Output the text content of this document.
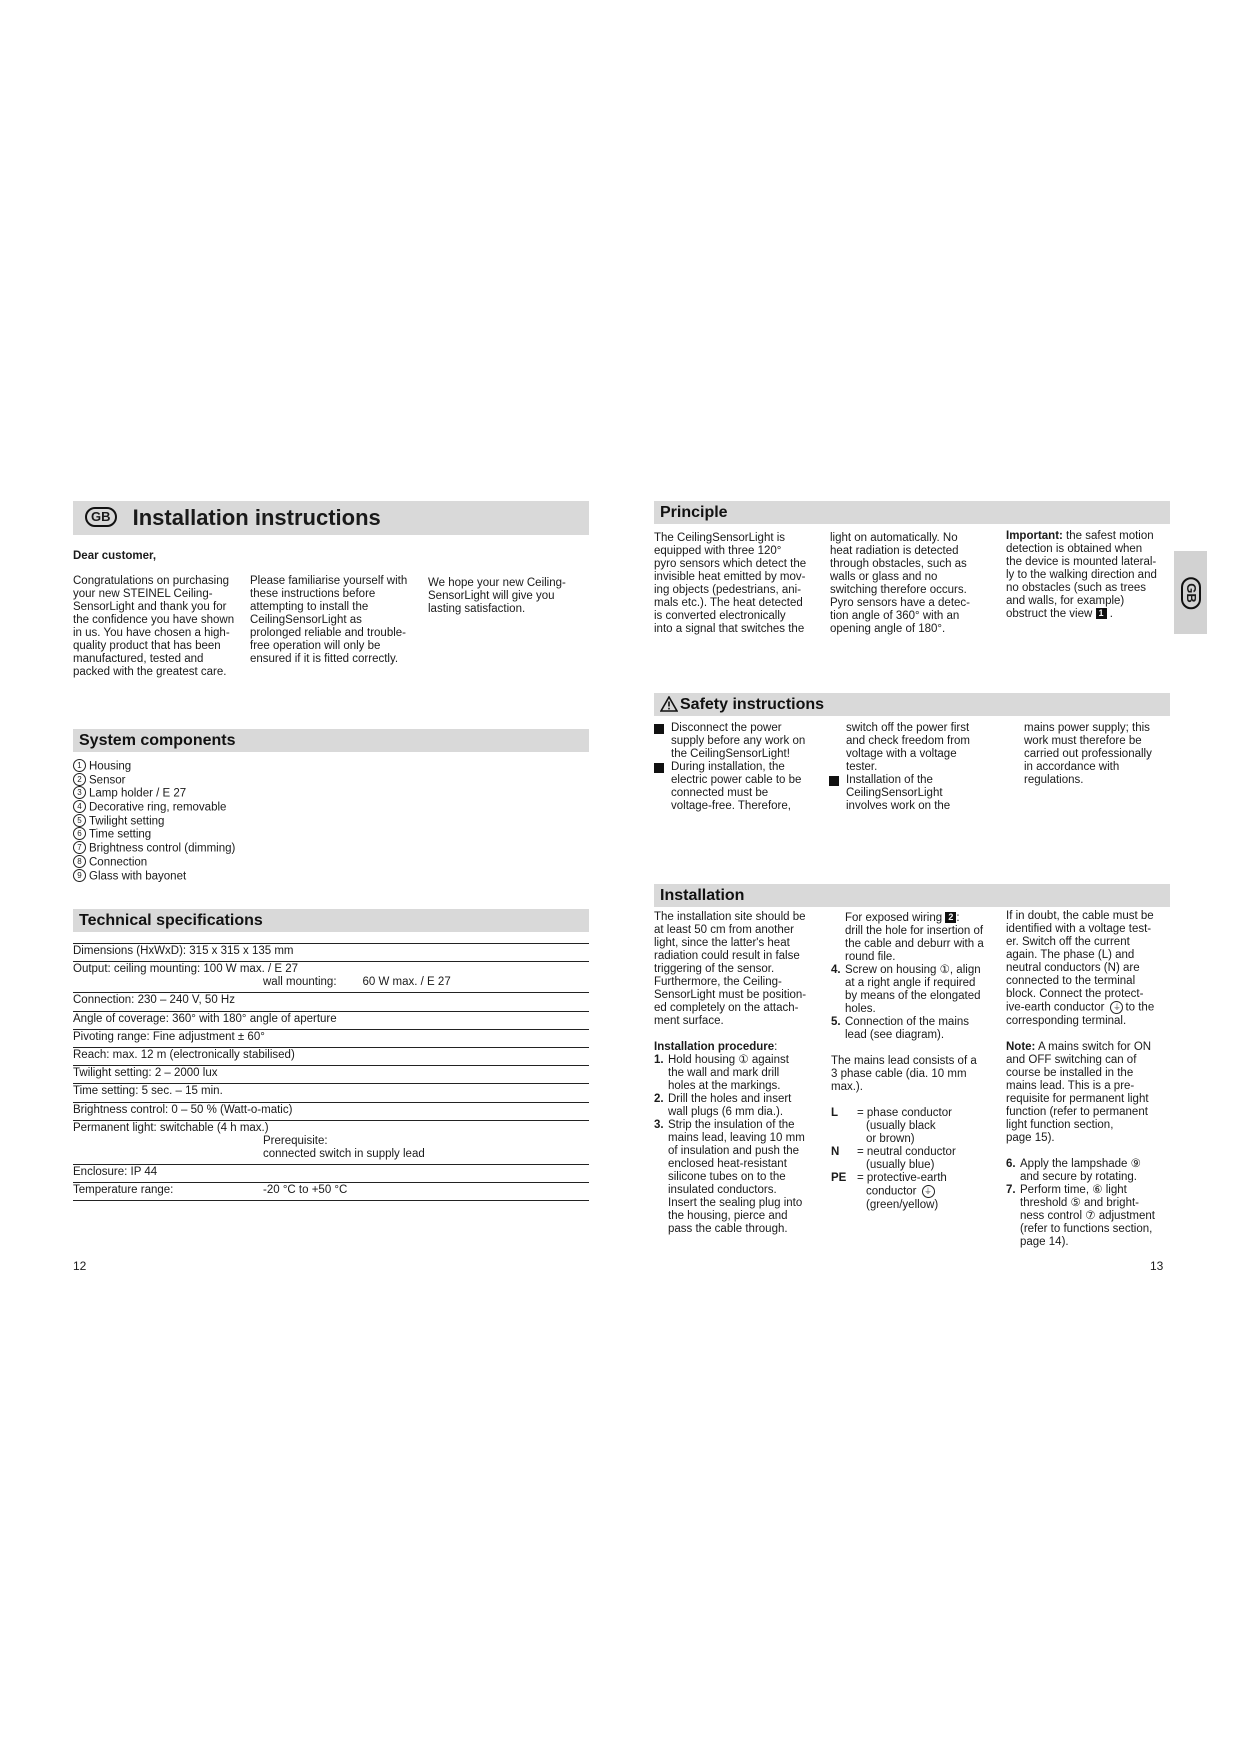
GB Installation instructions
Dear customer,

Congratulations on purchasing

your new STEINEL Ceiling-

SensorLight and thank you for

the confidence you have shown

in us. You have chosen a high-

quality product that has been

manufactured, tested and

packed with the greatest care.

Please familiarise yourself with

these instructions before

attempting to install the

CeilingSensorLight as

prolonged reliable and trouble-

free operation will only be

ensured if it is fitted correctly.

We hope your new Ceiling-

SensorLight will give you

lasting satisfaction.

System components
1 Housing
2 Sensor
3 Lamp holder / E 27
4 Decorative ring, removable
5 Twilight setting
6 Time setting
7 Brightness control (dimming)
8 Connection
9 Glass with bayonet
Technical specifications
Dimensions (HxWxD): 315 x 315 x 135 mm
Output: ceiling mounting: 100 W max. / E 27
wall mounting: 60 W max. / E 27
Connection: 230 – 240 V, 50 Hz
Angle of coverage: 360° with 180° angle of aperture
Pivoting range: Fine adjustment ± 60°
Reach: max. 12 m (electronically stabilised)
Twilight setting: 2 – 2000 lux
Time setting: 5 sec. – 15 min.
Brightness control: 0 – 50 % (Watt-o-matic)
Permanent light: switchable (4 h max.)
Prerequisite:
connected switch in supply lead
Enclosure: IP 44
Temperature range:	-20 °C to +50 °C
12
GB
Principle

The CeilingSensorLight is

equipped with three 120°

pyro sensors which detect the

invisible heat emitted by mov-

ing objects (pedestrians, ani-

mals etc.). The heat detected

is converted electronically

into a signal that switches the

light on automatically. No

heat radiation is detected

through obstacles, such as

walls or glass and no

switching therefore occurs.

Pyro sensors have a detec-

tion angle of 360° with an

opening angle of 180°.

Important: the safest motion

detection is obtained when

the device is mounted lateral-

ly to the walking direction and

no obstacles (such as trees

and walls, for example)

obstruct the view 1 .

Safety instructions

Disconnect the power

supply before any work on

the CeilingSensorLight!

During installation, the

electric power cable to be

connected must be

voltage-free. Therefore,

switch off the power first

and check freedom from

voltage with a voltage

tester.

Installation of the

CeilingSensorLight

involves work on the

mains power supply; this

work must therefore be

carried out professionally

in accordance with

regulations.

Installation

The installation site should be

at least 50 cm from another

light, since the latter's heat

radiation could result in false

triggering of the sensor.

Furthermore, the Ceiling-

SensorLight must be position-

ed completely on the attach-

ment surface.

Installation procedure:

1. Hold housing ① against

the wall and mark drill

holes at the markings.

2. Drill the holes and insert

wall plugs (6 mm dia.).

3. Strip the insulation of the

mains lead, leaving 10 mm

of insulation and push the

enclosed heat-resistant

silicone tubes on to the

insulated conductors.

Insert the sealing plug into

the housing, pierce and

pass the cable through.

For exposed wiring 2 :

drill the hole for insertion of

the cable and deburr with a

round file.

4. Screw on housing ①, align

at a right angle if required

by means of the elongated

holes.

5. Connection of the mains

lead (see diagram).

The mains lead consists of a

3 phase cable (dia. 10 mm

max.).

L = phase conductor

(usually black

or brown)

N = neutral conductor

(usually blue)

PE = protective-earth

conductor ⏚

(green/yellow)

If in doubt, the cable must be

identified with a voltage test-

er. Switch off the current

again. The phase (L) and

neutral conductors (N) are

connected to the terminal

block. Connect the protect-

ive-earth conductor ⏚ to the

corresponding terminal.

Note: A mains switch for ON

and OFF switching can of

course be installed in the

mains lead. This is a pre-

requisite for permanent light

function (refer to permanent

light function section,

page 15).

6. Apply the lampshade ⑨

and secure by rotating.

7. Perform time, ⑥ light

threshold ⑤ and bright-

ness control ⑦ adjustment

(refer to functions section,

page 14).

13
